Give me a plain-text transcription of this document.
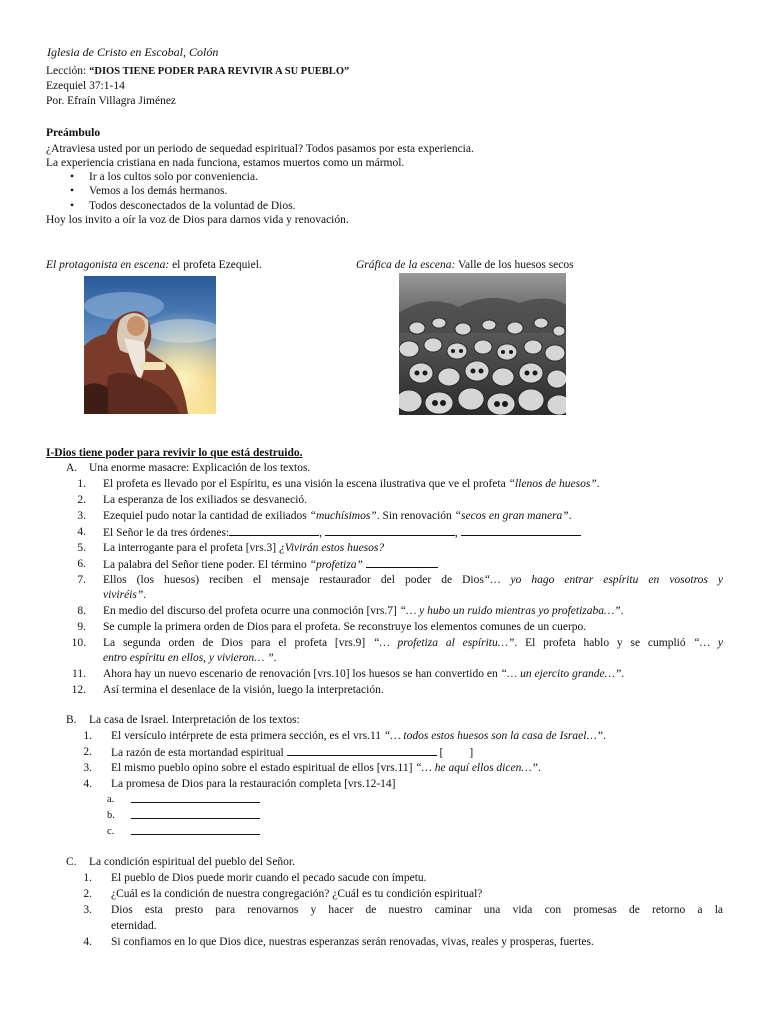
Iglesia de Cristo en Escobal, Colón
Lección: “DIOS TIENE PODER PARA REVIVIR A SU PUEBLO”
Ezequiel 37:1-14
Por. Efraín Villagra Jiménez
Preámbulo
¿Atraviesa usted por un periodo de sequedad espiritual? Todos pasamos por esta experiencia.
La experiencia cristiana en nada funciona, estamos muertos como un mármol.
• Ir a los cultos solo por conveniencia.
• Vemos a los demás hermanos.
• Todos desconectados de la voluntad de Dios.
Hoy los invito a oír la voz de Dios para darnos vida y renovación.
El protagonista en escena: el profeta Ezequiel.	Gráfica de la escena: Valle de los huesos secos
I-Dios tiene poder para revivir lo que está destruido.
A. Una enorme masacre: Explicación de los textos.
1. El profeta es llevado por el Espíritu, es una visión la escena ilustrativa que ve el profeta “llenos de huesos”.
2. La esperanza de los exiliados se desvaneció.
3. Ezequiel pudo notar la cantidad de exiliados “muchísimos”. Sin renovación “secos en gran manera”.
4. El Señor le da tres órdenes:	,	,
5. La interrogante para el profeta [vrs.3] ¿Vivirán estos huesos?
6. La palabra del Señor tiene poder. El término “profetiza”
7. Ellos (los huesos) reciben el mensaje restaurador del poder de Dios“… yo hago entrar espíritu en vosotros y
viviréis”.
8. En medio del discurso del profeta ocurre una conmoción [vrs.7] “… y hubo un ruido mientras yo profetizaba…”.
9. Se cumple la primera orden de Dios para el profeta. Se reconstruye los elementos comunes de un cuerpo.
10. La segunda orden de Dios para el profeta [vrs.9] “… profetiza al espíritu…”. El profeta hablo y se cumplió “… y
entro espíritu en ellos, y vivieron… ”.
11. Ahora hay un nuevo escenario de renovación [vrs.10] los huesos se han convertido en “… un ejercito grande…”.
12. Así termina el desenlace de la visión, luego la interpretación.
B. La casa de Israel. Interpretación de los textos:
1. El versículo intérprete de esta primera sección, es el vrs.11 “… todos estos huesos son la casa de Israel…”.
2. La razón de esta mortandad espiritual	[ ]
3. El mismo pueblo opino sobre el estado espiritual de ellos [vrs.11] “… he aquí ellos dicen…”.
4. La promesa de Dios para la restauración completa [vrs.12-14]
a.
b.
c.
C. La condición espiritual del pueblo del Señor.
1. El pueblo de Dios puede morir cuando el pecado sacude con ímpetu.
2. ¿Cuál es la condición de nuestra congregación? ¿Cuál es tu condición espiritual?
3. Dios esta presto para renovarnos y hacer de nuestro caminar una vida con promesas de retorno a la
eternidad.
4. Si confiamos en lo que Dios dice, nuestras esperanzas serán renovadas, vivas, reales y prosperas, fuertes.
